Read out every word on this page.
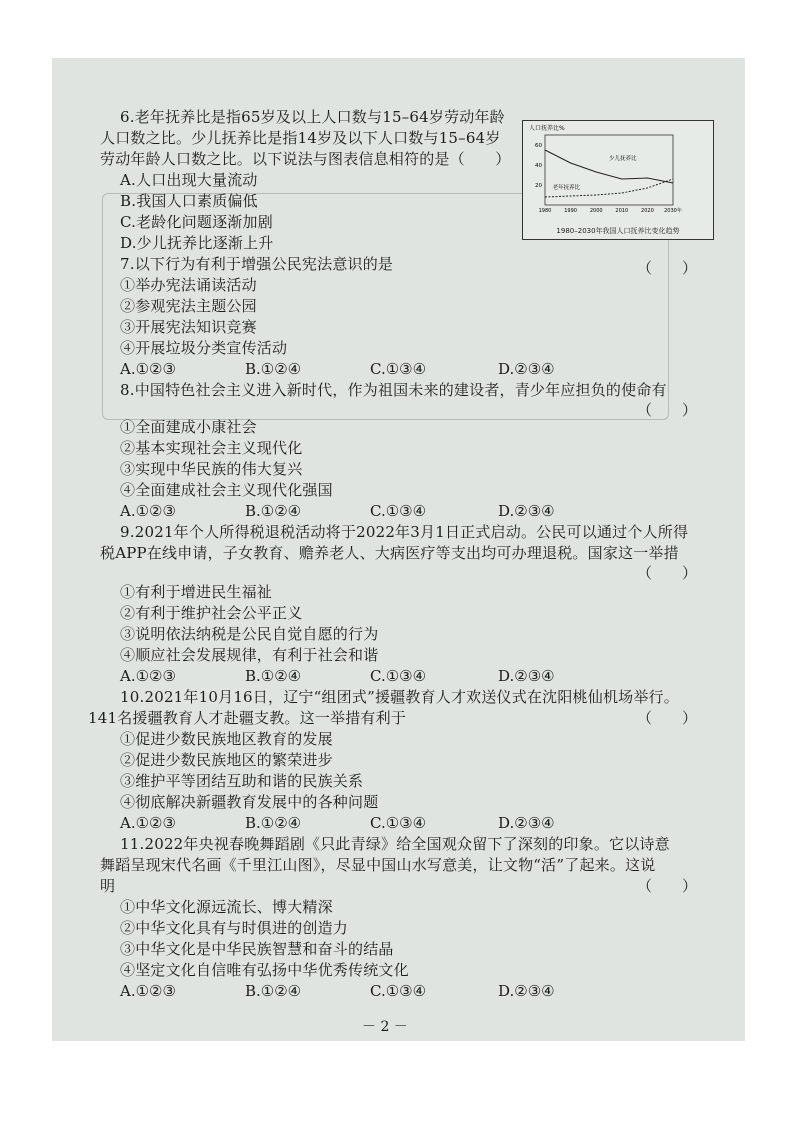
6.老年抚养比是指65岁及以上人口数与15–64岁劳动年龄
人口数之比。少儿抚养比是指14岁及以下人口数与15–64岁
劳动年龄人口数之比。以下说法与图表信息相符的是（　　）
A.人口出现大量流动
B.我国人口素质偏低
C.老龄化问题逐渐加剧
D.少儿抚养比逐渐上升
人口抚养比%
60
40
20
1980	1990	2000	2010	2020 2030年
少儿抚养比
老年抚养比
1980–2030年我国人口抚养比变化趋势
7.以下行为有利于增强公民宪法意识的是	（　　）
①举办宪法诵读活动
②参观宪法主题公园
③开展宪法知识竞赛
④开展垃圾分类宣传活动
A.①②③	B.①②④	C.①③④	D.②③④
8.中国特色社会主义进入新时代，作为祖国未来的建设者，青少年应担负的使命有
（　　）
①全面建成小康社会
②基本实现社会主义现代化
③实现中华民族的伟大复兴
④全面建成社会主义现代化强国
A.①②③	B.①②④	C.①③④	D.②③④
9.2021年个人所得税退税活动将于2022年3月1日正式启动。公民可以通过个人所得
税APP在线申请，子女教育、赡养老人、大病医疗等支出均可办理退税。国家这一举措
（　　）
①有利于增进民生福祉
②有利于维护社会公平正义
③说明依法纳税是公民自觉自愿的行为
④顺应社会发展规律，有利于社会和谐
A.①②③	B.①②④	C.①③④	D.②③④
10.2021年10月16日，辽宁“组团式”援疆教育人才欢送仪式在沈阳桃仙机场举行。
141名援疆教育人才赴疆支教。这一举措有利于	（　　）
①促进少数民族地区教育的发展
②促进少数民族地区的繁荣进步
③维护平等团结互助和谐的民族关系
④彻底解决新疆教育发展中的各种问题
A.①②③	B.①②④	C.①③④	D.②③④
11.2022年央视春晚舞蹈剧《只此青绿》给全国观众留下了深刻的印象。它以诗意
舞蹈呈现宋代名画《千里江山图》，尽显中国山水写意美，让文物“活”了起来。这说
明	（　　）
①中华文化源远流长、博大精深
②中华文化具有与时俱进的创造力
③中华文化是中华民族智慧和奋斗的结晶
④坚定文化自信唯有弘扬中华优秀传统文化
A.①②③	B.①②④	C.①③④	D.②③④
－ 2 －
